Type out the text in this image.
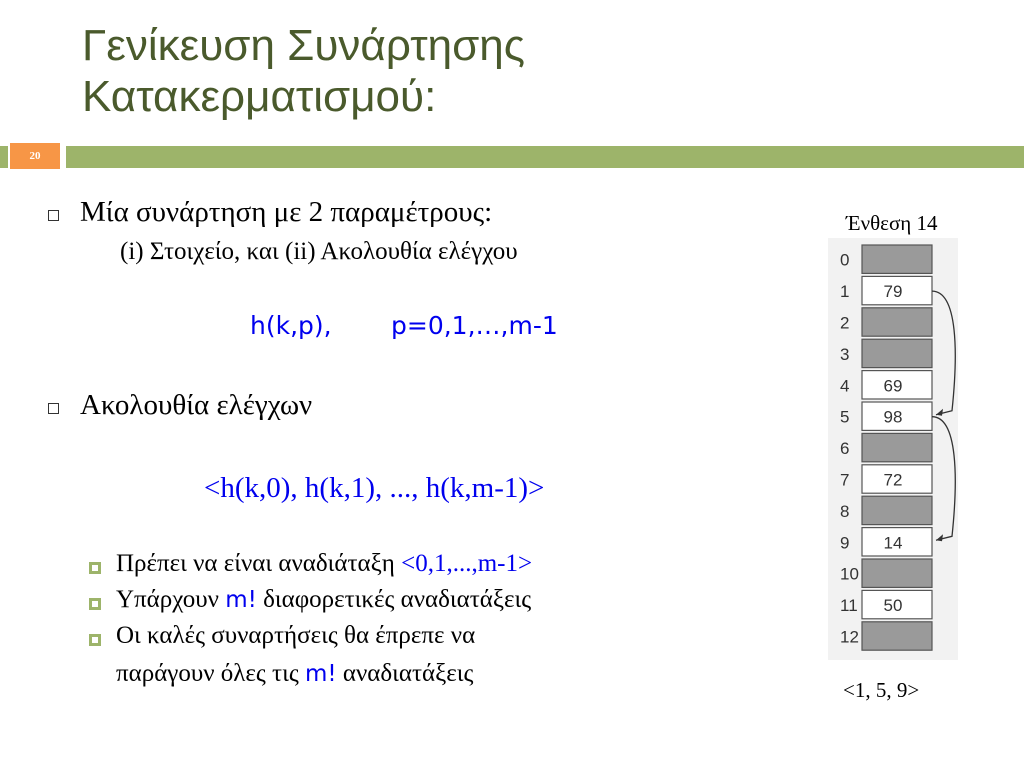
Γενίκευση Συνάρτησης
Κατακερματισμού:
20
Μία συνάρτηση με 2 παραμέτρους:
(i) Στοιχείο, και (ii) Ακολουθία ελέγχου
h(k,p), p=0,1,…,m-1
Ακολουθία ελέγχων
<h(k,0), h(k,1), ..., h(k,m-1)>
Πρέπει να είναι αναδιάταξη <0,1,...,m-1>
Υπάρχουν m! διαφορετικές αναδιατάξεις
Οι καλές συναρτήσεις θα έπρεπε να
παράγουν όλες τις m! αναδιατάξεις
Ένθεση 14
0
1 79
2
3
4 69
5 98
6
7 72
8
9 14
10
11 50
12
<1, 5, 9>
